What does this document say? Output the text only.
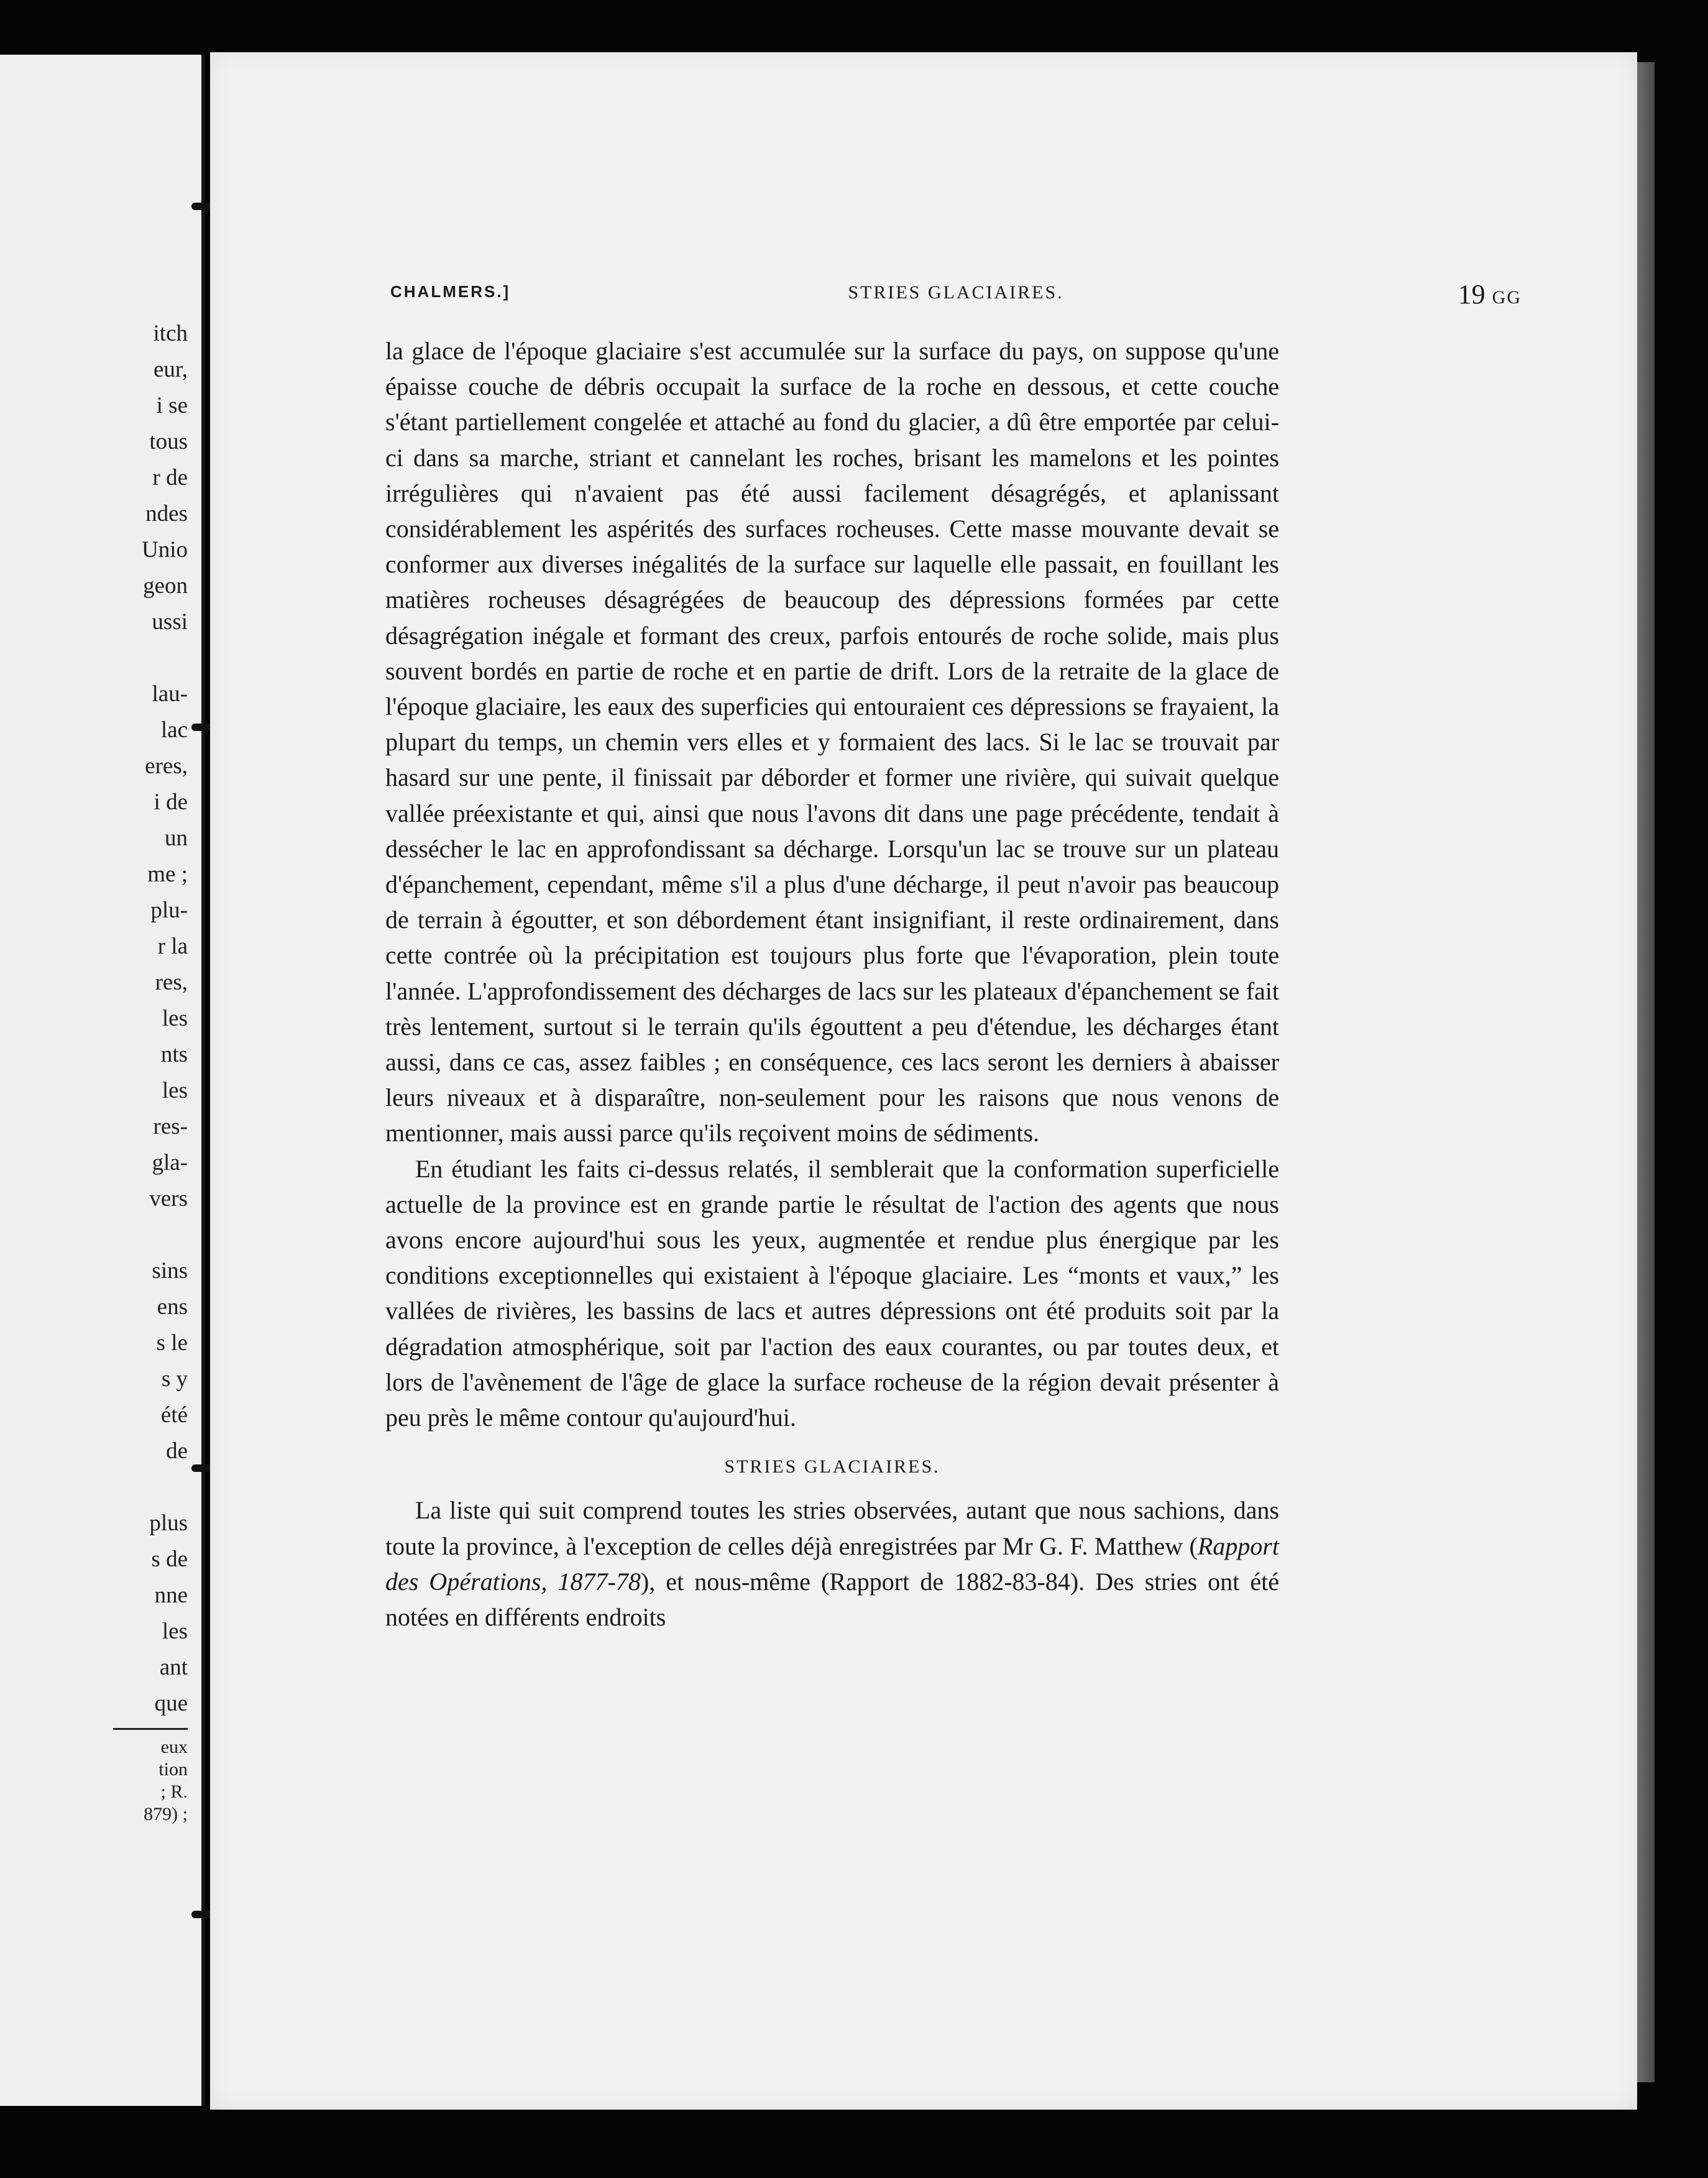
itch
eur,
i se
tous
r de
ndes
Unio
geon
ussi
lau-
lac
eres,
i de
un
me ;
plu-
r la
res,
les
nts
les
res-
gla-
vers
sins
ens
s le
s y
été
de
plus
s de
nne
les
ant
que
eux
tion
; R.
879) ;
CHALMERS.]	STRIES GLACIAIRES.	19 GG

la glace de l'époque glaciaire s'est accumulée sur la surface du pays, on suppose qu'une épaisse couche de débris occupait la surface de la roche en dessous, et cette couche s'étant partiellement congelée et attaché au fond du glacier, a dû être emportée par celui-ci dans sa marche, striant et cannelant les roches, brisant les mamelons et les pointes irrégulières qui n'avaient pas été aussi facilement désagrégés, et aplanissant considérablement les aspérités des surfaces rocheuses. Cette masse mouvante devait se conformer aux diverses inégalités de la surface sur laquelle elle passait, en fouillant les matières rocheuses désagrégées de beaucoup des dépressions formées par cette désagrégation inégale et formant des creux, parfois entourés de roche solide, mais plus souvent bordés en partie de roche et en partie de drift. Lors de la retraite de la glace de l'époque glaciaire, les eaux des superficies qui entouraient ces dépressions se frayaient, la plupart du temps, un chemin vers elles et y formaient des lacs. Si le lac se trouvait par hasard sur une pente, il finissait par déborder et former une rivière, qui suivait quelque vallée préexistante et qui, ainsi que nous l'avons dit dans une page précédente, tendait à dessécher le lac en approfondissant sa décharge. Lorsqu'un lac se trouve sur un plateau d'épanchement, cependant, même s'il a plus d'une décharge, il peut n'avoir pas beaucoup de terrain à égoutter, et son débordement étant insignifiant, il reste ordinairement, dans cette contrée où la précipitation est toujours plus forte que l'évaporation, plein toute l'année. L'approfondissement des décharges de lacs sur les plateaux d'épanchement se fait très lentement, surtout si le terrain qu'ils égouttent a peu d'étendue, les décharges étant aussi, dans ce cas, assez faibles ; en conséquence, ces lacs seront les derniers à abaisser leurs niveaux et à disparaître, non-seulement pour les raisons que nous venons de mentionner, mais aussi parce qu'ils reçoivent moins de sédiments.

En étudiant les faits ci-dessus relatés, il semblerait que la conformation superficielle actuelle de la province est en grande partie le résultat de l'action des agents que nous avons encore aujourd'hui sous les yeux, augmentée et rendue plus énergique par les conditions exceptionnelles qui existaient à l'époque glaciaire. Les “monts et vaux,” les vallées de rivières, les bassins de lacs et autres dépressions ont été produits soit par la dégradation atmosphérique, soit par l'action des eaux courantes, ou par toutes deux, et lors de l'avènement de l'âge de glace la surface rocheuse de la région devait présenter à peu près le même contour qu'aujourd'hui.

STRIES GLACIAIRES.

La liste qui suit comprend toutes les stries observées, autant que nous sachions, dans toute la province, à l'exception de celles déjà enregistrées par Mr G. F. Matthew (Rapport des Opérations, 1877-78), et nous-même (Rapport de 1882-83-84). Des stries ont été notées en différents endroits
